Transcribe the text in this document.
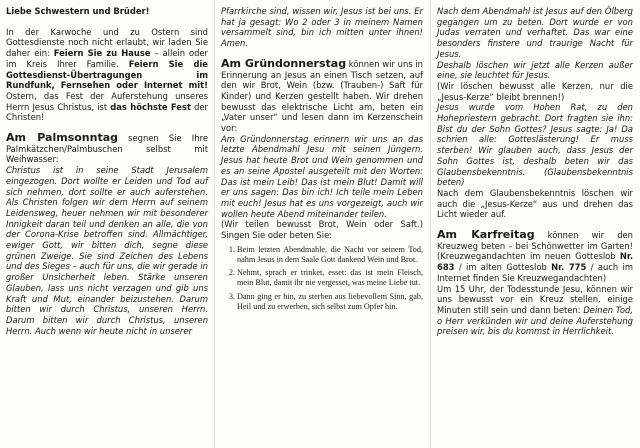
Liebe Schwestern und Brüder!

In der Karwoche und zu Ostern sind Gottesdienste noch nicht erlaubt, wir laden Sie daher ein: Feiern Sie zu Hause – allein oder im Kreis Ihrer Familie. Feiern Sie die Gottesdienst-Übertragungen im Rundfunk, Fernsehen oder Internet mit! Ostern, das Fest der Auferstehung unseres Herrn Jesus Christus, ist das höchste Fest der Christen!

Am Palmsonntag segnen Sie Ihre Palmkätzchen/Palmbuschen selbst mit Weihwasser:

Christus ist in seine Stadt Jerusalem eingezogen. Dort wollte er Leiden und Tod auf sich nehmen, dort sollte er auch auferstehen. Als Christen folgen wir dem Herrn auf seinem Leidensweg, heuer nehmen wir mit besonderer Innigkeit daran teil und denken an alle, die von der Corona-Krise betroffen sind. Allmächtiger, ewiger Gott, wir bitten dich, segne diese grünen Zweige. Sie sind Zeichen des Lebens und des Sieges – auch für uns, die wir gerade in großer Unsicherheit leben. Stärke unseren Glauben, lass uns nicht verzagen und gib uns Kraft und Mut, einander beizustehen. Darum bitten wir durch Christus, unseren Herrn. Darum bitten wir durch Christus, unseren Herrn. Auch wenn wir heute nicht in unserer

Pfarrkirche sind, wissen wir, Jesus ist bei uns. Er hat ja gesagt: Wo 2 oder 3 in meinem Namen versammelt sind, bin ich mitten unter ihnen! Amen.

Am Gründonnerstag können wir uns in Erinnerung an Jesus an einen Tisch setzen, auf den wir Brot, Wein (bzw. (Trauben-) Saft für Kinder) und Kerzen gestellt haben. Wir drehen bewusst das elektrische Licht am, beten ein „Vater unser“ und lesen dann im Kerzenschein vor:

Am Gründonnerstag erinnern wir uns an das letzte Abendmahl Jesu mit seinen Jüngern. Jesus hat heute Brot und Wein genommen und es an seine Apostel ausgeteilt mit den Worten: Das ist mein Leib! Das ist mein Blut! Damit will er uns sagen: Das bin ich! Ich teile mein Leben mit euch! Jesus hat es uns vorgezeigt, auch wir wollen heute Abend miteinander teilen.

(Wir teilen bewusst Brot, Wein oder Saft.) Singen Sie oder beten Sie:

1. Beim letzten Abendmahle, die Nacht vor seinem Tod, nahm Jesus in dem Saale Gott dankend Wein und Brot.
2. Nehmt, sprach er trinket, esset: das ist mein Fleisch, mein Blut, damit ihr nie vergesset, was meine Liebe tut.
3. Dann ging er hin, zu sterben aus liebevollem Sinn, gab, Heil und zu erwerben, sich selbst zum Opfer hin.

Nach dem Abendmahl ist Jesus auf den Ölberg gegangen um zu beten. Dort wurde er von Judas verraten und verhaftet. Das war eine besonders finstere und traurige Nacht für Jesus.

Deshalb löschen wir jetzt alle Kerzen außer eine, sie leuchtet für Jesus.

(Wir löschen bewusst alle Kerzen, nur die „Jesus-Kerze“ bleibt brennen!)

Jesus wurde vom Hohen Rat, zu den Hohepriestern gebracht. Dort fragten sie ihn: Bist du der Sohn Gottes? Jesus sagte: Ja! Da schrien alle: Gotteslästerung! Er muss sterben! Wir glauben auch, dass Jesus der Sohn Gottes ist, deshalb beten wir das Glaubensbekenntnis. (Glaubensbekenntnis beten)

Nach dem Glaubensbekenntnis löschen wir auch die „Jesus-Kerze“ aus und drehen das Licht wieder auf.

Am Karfreitag können wir den Kreuzweg beten – bei Schönwetter im Garten! (Kreuzwegandachten im neuen Gotteslob Nr. 683 / im alten Gotteslob Nr. 775 / auch im Internet finden Sie Kreuzwegandachten)

Um 15 Uhr, der Todesstunde Jesu, können wir uns bewusst vor ein Kreuz stellen, einige Minuten still sein und dann beten: Deinen Tod, o Herr verkünden wir und deine Auferstehung preisen wir, bis du kommst in Herrlichkeit.
